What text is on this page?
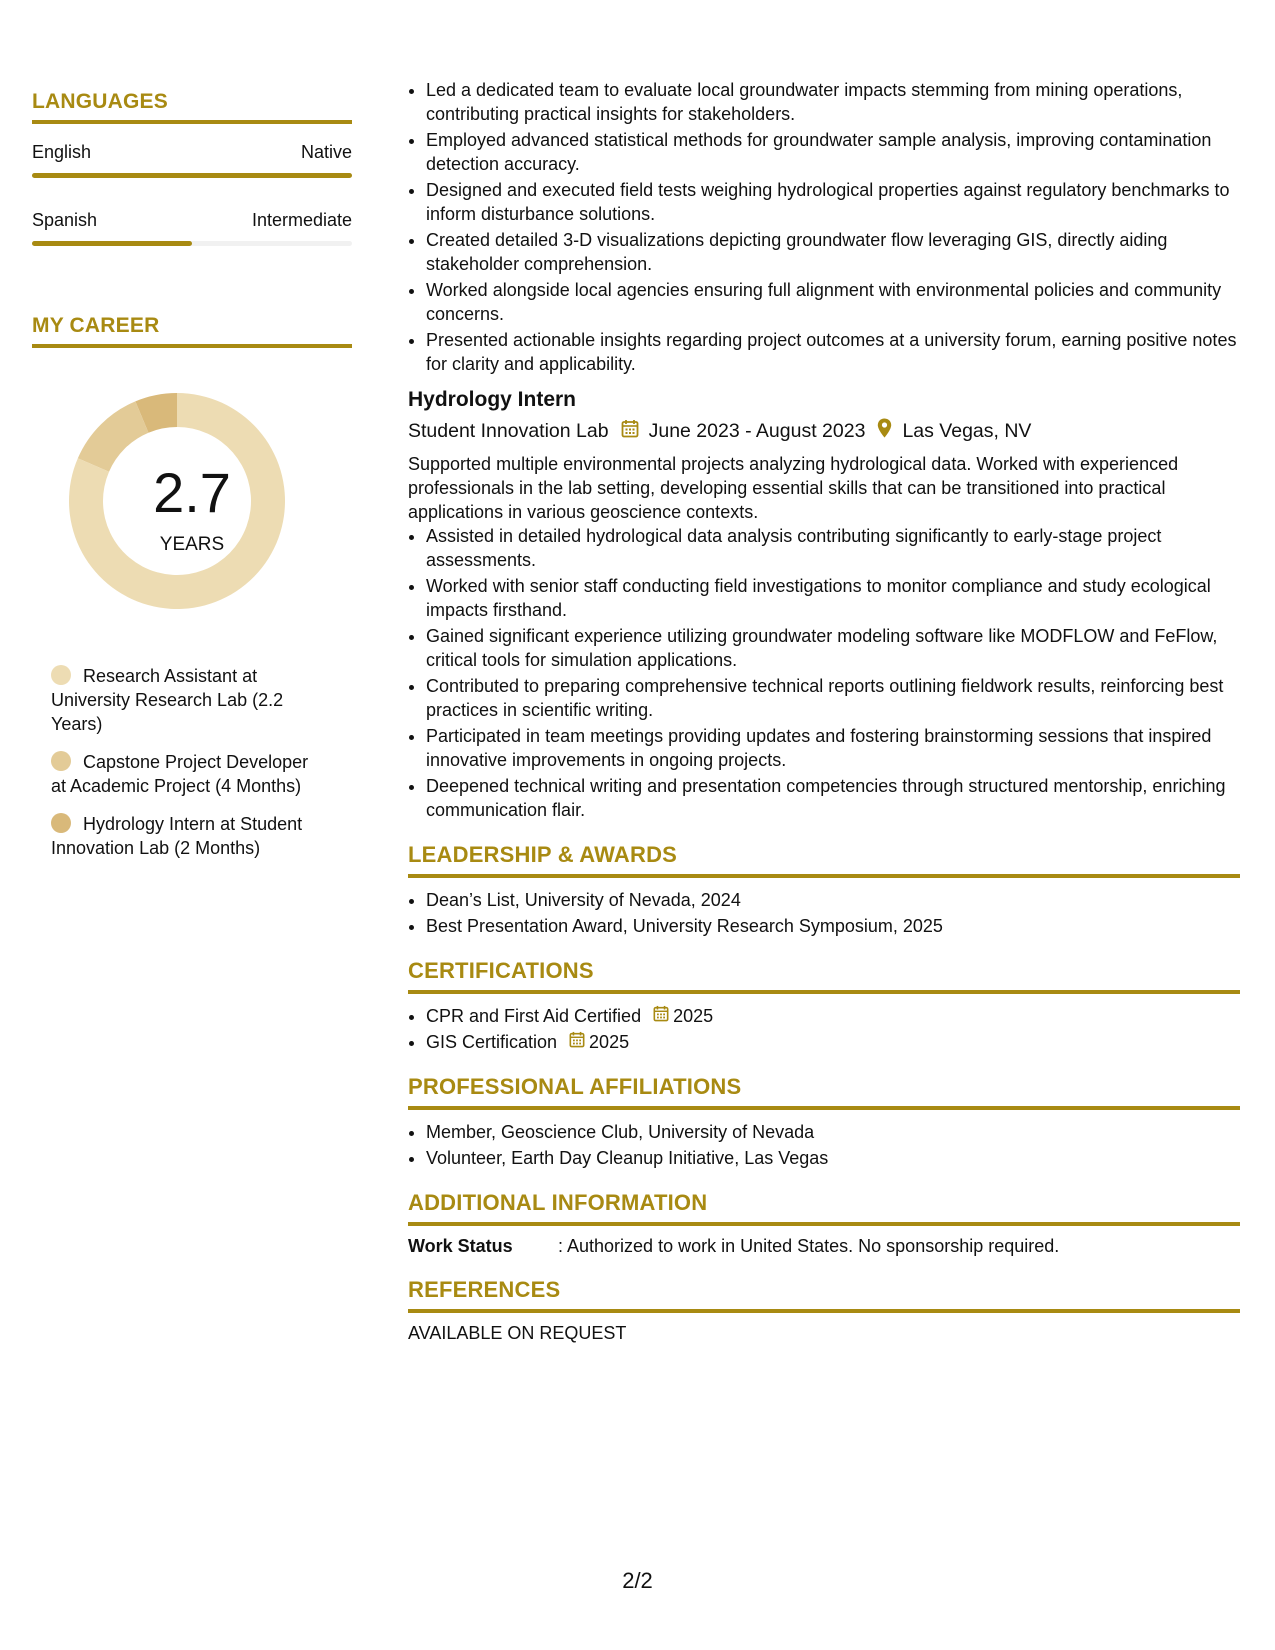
LANGUAGES
English	Native
Spanish	Intermediate
MY CAREER
2.7
YEARS
Research Assistant at University Research Lab (2.2 Years)
Capstone Project Developer at Academic Project (4 Months)
Hydrology Intern at Student Innovation Lab (2 Months)
• Led a dedicated team to evaluate local groundwater impacts stemming from mining operations, contributing practical insights for stakeholders.
• Employed advanced statistical methods for groundwater sample analysis, improving contamination detection accuracy.
• Designed and executed field tests weighing hydrological properties against regulatory benchmarks to inform disturbance solutions.
• Created detailed 3-D visualizations depicting groundwater flow leveraging GIS, directly aiding stakeholder comprehension.
• Worked alongside local agencies ensuring full alignment with environmental policies and community concerns.
• Presented actionable insights regarding project outcomes at a university forum, earning positive notes for clarity and applicability.
Hydrology Intern
Student Innovation Lab June 2023 - August 2023 Las Vegas, NV
Supported multiple environmental projects analyzing hydrological data. Worked with experienced professionals in the lab setting, developing essential skills that can be transitioned into practical applications in various geoscience contexts.
• Assisted in detailed hydrological data analysis contributing significantly to early-stage project assessments.
• Worked with senior staff conducting field investigations to monitor compliance and study ecological impacts firsthand.
• Gained significant experience utilizing groundwater modeling software like MODFLOW and FeFlow, critical tools for simulation applications.
• Contributed to preparing comprehensive technical reports outlining fieldwork results, reinforcing best practices in scientific writing.
• Participated in team meetings providing updates and fostering brainstorming sessions that inspired innovative improvements in ongoing projects.
• Deepened technical writing and presentation competencies through structured mentorship, enriching communication flair.
LEADERSHIP & AWARDS
• Dean’s List, University of Nevada, 2024
• Best Presentation Award, University Research Symposium, 2025
CERTIFICATIONS
• CPR and First Aid Certified 2025
• GIS Certification 2025
PROFESSIONAL AFFILIATIONS
• Member, Geoscience Club, University of Nevada
• Volunteer, Earth Day Cleanup Initiative, Las Vegas
ADDITIONAL INFORMATION
Work Status	: Authorized to work in United States. No sponsorship required.
REFERENCES
AVAILABLE ON REQUEST
2/2
